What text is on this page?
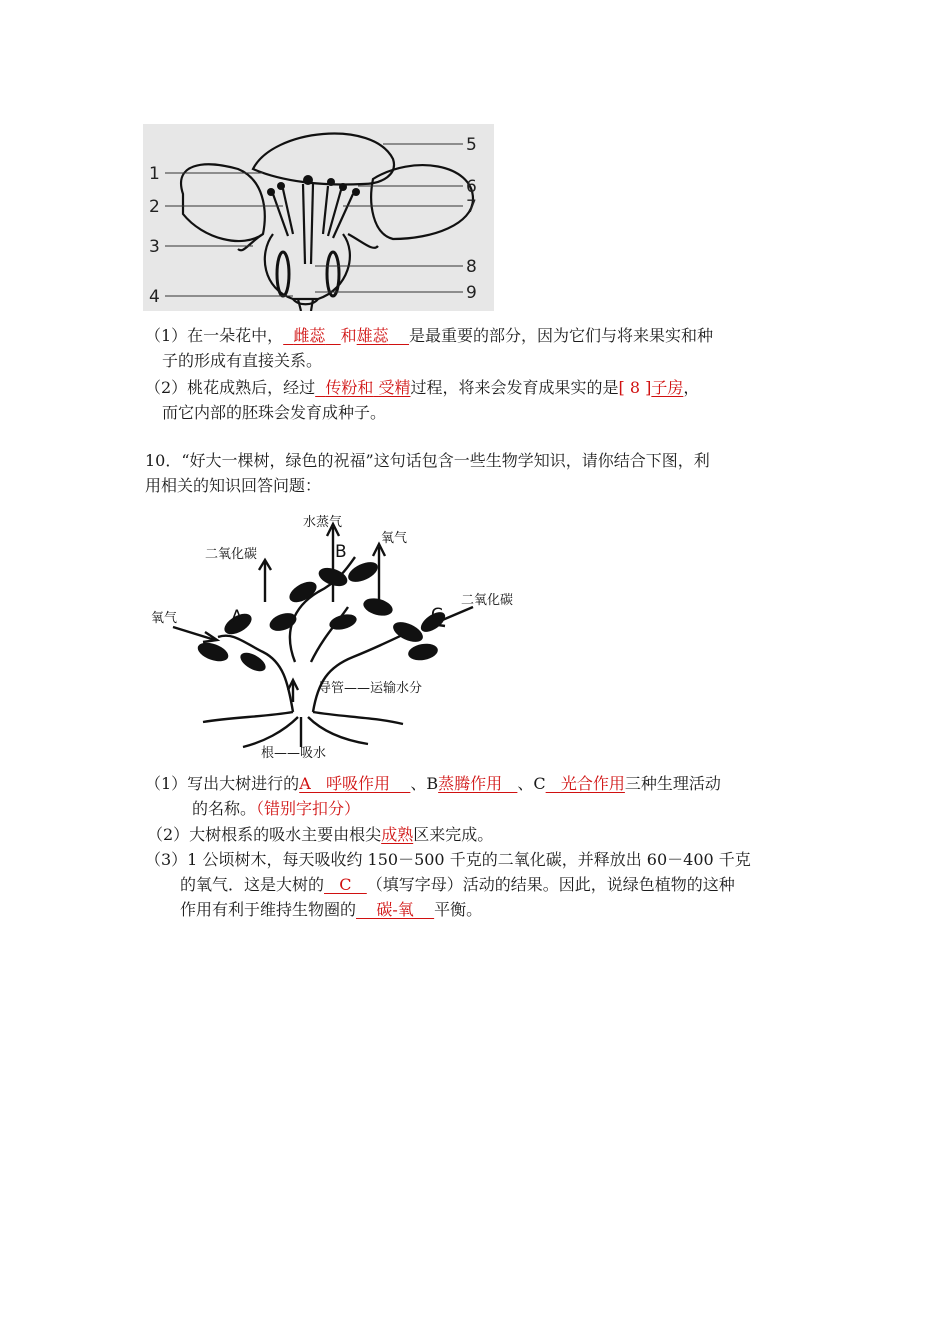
1
2
3
4
5
6
7
8
9
（1）在一朵花中， 雌蕊 和雄蕊 是最重要的部分，因为它们与将来果实和种
子的形成有直接关系。
（2）桃花成熟后，经过 传粉和 受精过程，将来会发育成果实的是[ 8 ]子房，
而它内部的胚珠会发育成种子。
10．“好大一棵树，绿色的祝福”这句话包含一些生物学知识，请你结合下图，利
用相关的知识回答问题：
水蒸气
B
氧气
二氧化碳
二氧化碳
氧气	A	C
导管——运输水分
根——吸水
（1）写出大树进行的A   呼吸作用    、B蒸腾作用   、C   光合作用三种生理活动
的名称。（错别字扣分）
（2）大树根系的吸水主要由根尖成熟区来完成。
（3）1 公顷树木，每天吸收约 150－500 千克的二氧化碳，并释放出 60－400 千克
的氧气．这是大树的   C   （填写字母）活动的结果。因此，说绿色植物的这种
作用有利于维持生物圈的    碳-氧    平衡。
